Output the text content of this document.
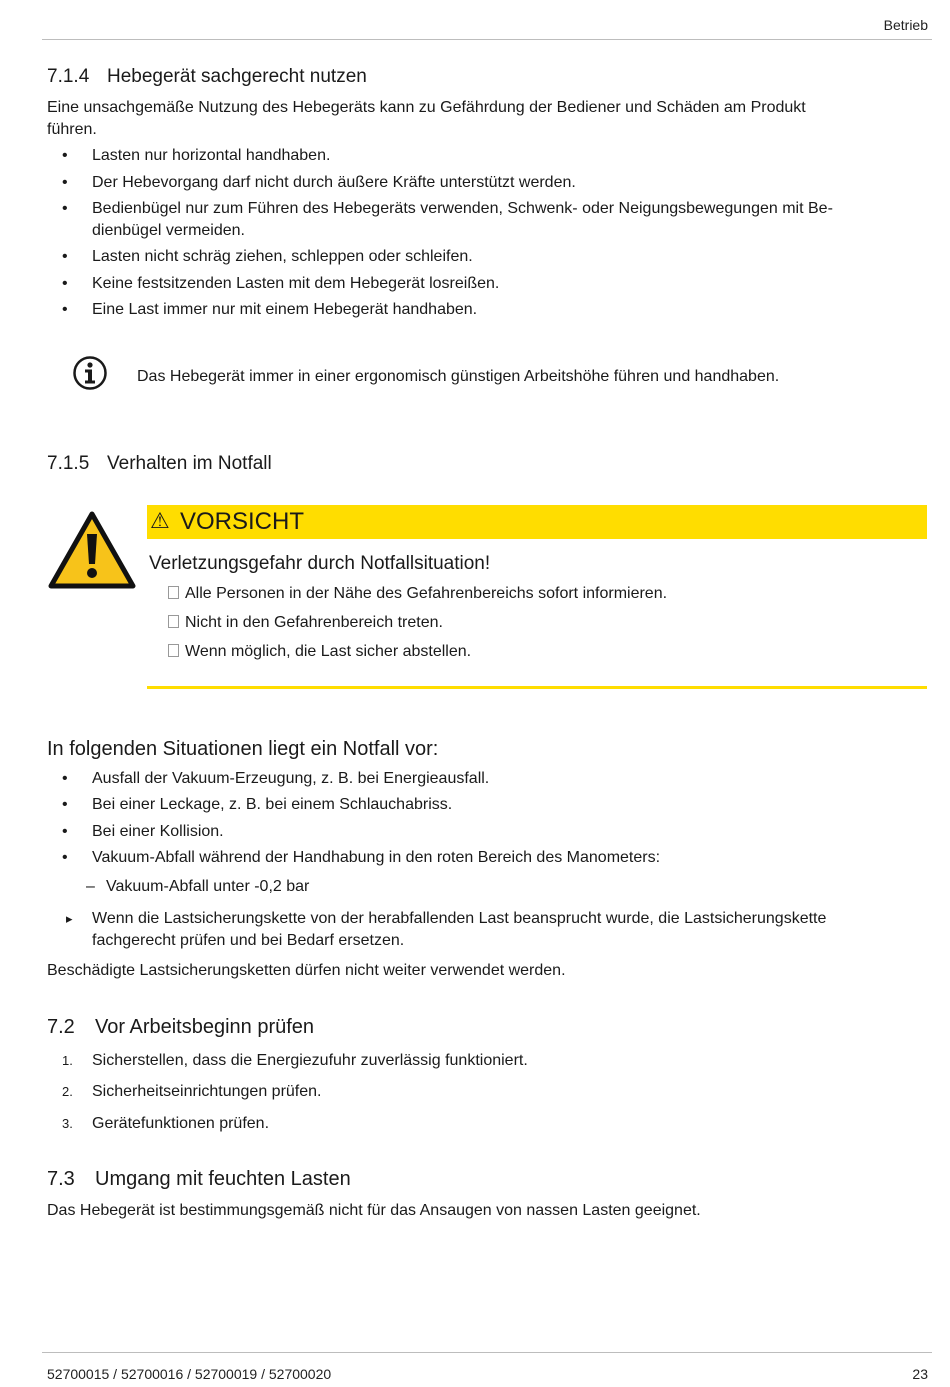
Betrieb
7.1.4 Hebegerät sachgerecht nutzen
Eine unsachgemäße Nutzung des Hebegeräts kann zu Gefährdung der Bediener und Schäden am Produkt
führen.
• Lasten nur horizontal handhaben.
• Der Hebevorgang darf nicht durch äußere Kräfte unterstützt werden.
• Bedienbügel nur zum Führen des Hebegeräts verwenden, Schwenk- oder Neigungsbewegungen mit Be-
dienbügel vermeiden.
• Lasten nicht schräg ziehen, schleppen oder schleifen.
• Keine festsitzenden Lasten mit dem Hebegerät losreißen.
• Eine Last immer nur mit einem Hebegerät handhaben.
Das Hebegerät immer in einer ergonomisch günstigen Arbeitshöhe führen und handhaben.
7.1.5 Verhalten im Notfall
⚠ VORSICHT
Verletzungsgefahr durch Notfallsituation!
Alle Personen in der Nähe des Gefahrenbereichs sofort informieren.
Nicht in den Gefahrenbereich treten.
Wenn möglich, die Last sicher abstellen.
In folgenden Situationen liegt ein Notfall vor:
• Ausfall der Vakuum-Erzeugung, z. B. bei Energieausfall.
• Bei einer Leckage, z. B. bei einem Schlauchabriss.
• Bei einer Kollision.
• Vakuum-Abfall während der Handhabung in den roten Bereich des Manometers:
– Vakuum-Abfall unter -0,2 bar
▸ Wenn die Lastsicherungskette von der herabfallenden Last beansprucht wurde, die Lastsicherungskette
fachgerecht prüfen und bei Bedarf ersetzen.
Beschädigte Lastsicherungsketten dürfen nicht weiter verwendet werden.
7.2 Vor Arbeitsbeginn prüfen
1. Sicherstellen, dass die Energiezufuhr zuverlässig funktioniert.
2. Sicherheitseinrichtungen prüfen.
3. Gerätefunktionen prüfen.
7.3 Umgang mit feuchten Lasten
Das Hebegerät ist bestimmungsgemäß nicht für das Ansaugen von nassen Lasten geeignet.
52700015 / 52700016 / 52700019 / 52700020	23
